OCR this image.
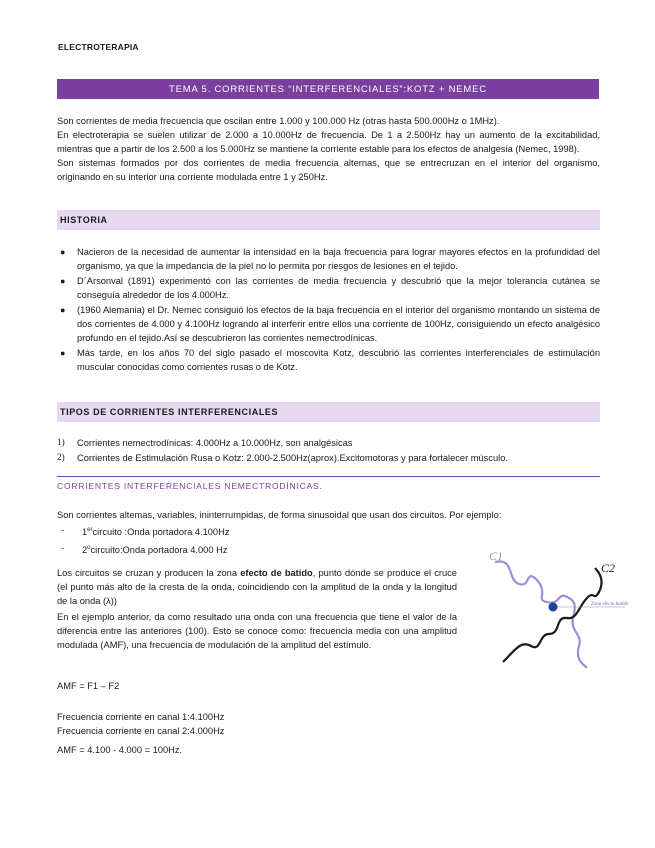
ELECTROTERAPIA
TEMA 5. CORRIENTES “INTERFERENCIALES”:KOTZ + NEMEC
Son corrientes de media frecuencia que oscilan entre 1.000 y 100.000 Hz (otras hasta 500.000Hz o 1MHz).
En electroterapia se suelen utilizar de 2.000 a 10.000Hz de frecuencia. De 1 a 2.500Hz hay un aumento de la excitabilidad, mientras que a partir de los 2.500 a los 5.000Hz se mantiene la corriente estable para los efectos de analgesia (Nemec, 1998).
Son sistemas formados por dos corrientes de media frecuencia alternas, que se entrecruzan en el interior del organismo, originando en su interior una corriente modulada entre 1 y 250Hz.
HISTORIA
● Nacieron de la necesidad de aumentar la intensidad en la baja frecuencia para lograr mayores efectos en la profundidad del organismo, ya que la impedancia de la piel no lo permita por riesgos de lesiones en el tejido.
● D´Arsonval (1891) experimentó con las corrientes de media frecuencia y descubrió que la mejor tolerancia cutánea se conseguía alrededor de los 4.000Hz.
● (1960 Alemania) el Dr. Nemec consiguió los efectos de la baja frecuencia en el interior del organismo montando un sistema de dos corrientes de 4.000 y 4.100Hz logrando al interferir entre ellos una corriente de 100Hz, consiguiendo un efecto analgésico profundo en el tejido.Así se descubrieron las corrientes nemectrodínicas.
● Más tarde, en los años 70 del siglo pasado el moscovita Kotz, descubrió las corrientes interferenciales de estimulación muscular conocidas como corrientes rusas o de Kotz.
TIPOS DE CORRIENTES INTERFERENCIALES
1) Corrientes nemectrodínicas: 4.000Hz a 10.000Hz, son analgésicas
2) Corrientes de Estimulación Rusa o Kotz: 2.000-2.500Hz(aprox).Excitomotoras y para fortalecer músculo.
CORRIENTES INTERFERENCIALES NEMECTRODÍNICAS.
Son corrientes altemas, variables, ininterrumpidas, de forma sinusoidal que usan dos circuitos. Por ejemplo:
- 1ercircuito :Onda portadora 4.100Hz
- 2$^o$circuito:Onda portadora 4.000 Hz
Los circuitos se cruzan y producen la zona efecto de batido, punto dónde se produce el cruce (el punto más alto de la cresta de la onda, coincidiendo con la amplitud de la onda y la longitud de la onda (λ))
En el ejemplo anterior, da como resultado una onda con una frecuencia que tiene el valor de la diferencia entre las anteriores (100). Esto se conoce como: frecuencia media con una amplitud modulada (AMF), una frecuencia de modulación de la amplitud del estímulo.
AMF = F1 – F2
Frecuencia corriente en canal 1:4.100Hz
Frecuencia corriente en canal 2:4.000Hz
AMF = 4.100 - 4.000 = 100Hz.
C1
C2
Zona efecto batido
